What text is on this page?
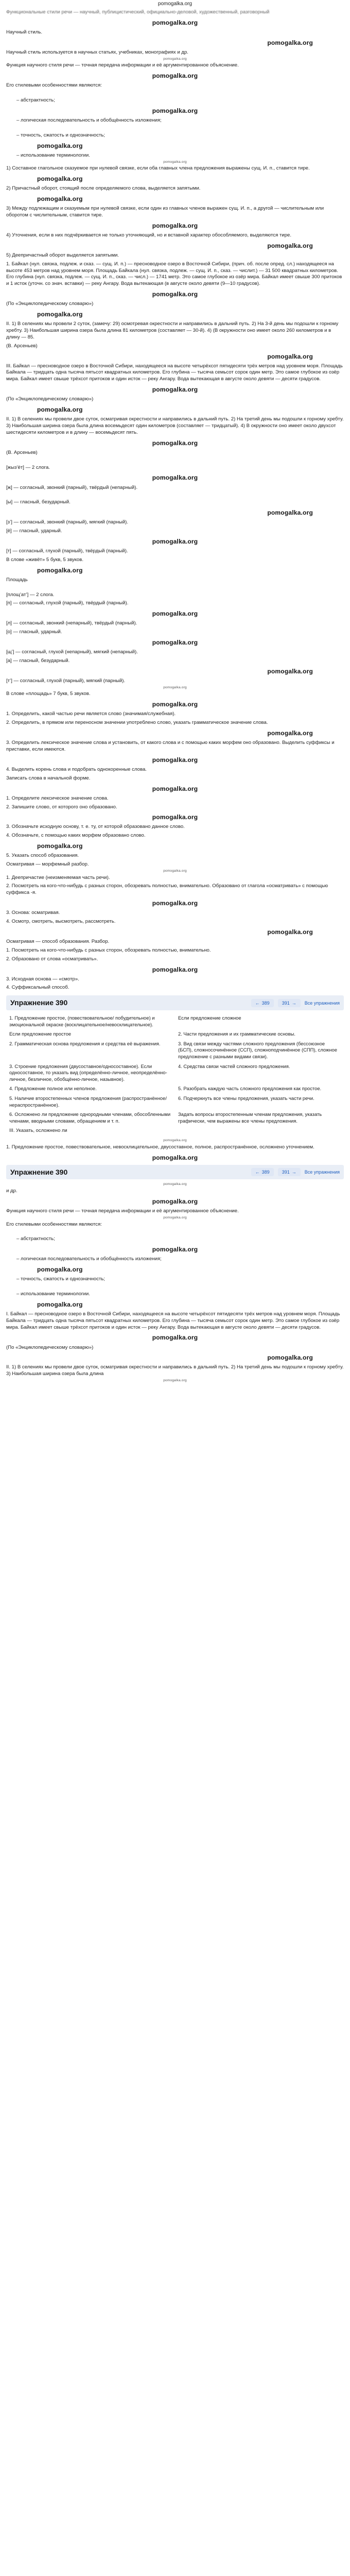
pomogalka.org

Функциональные стили речи — научный, публицистический, официально-деловой, художественный, разговорный

pomogalka.org

Научный стиль.

pomogalka.org

Научный стиль используется в научных статьях, учебниках, монографиях и др.

pomogalka.org

Функция научного стиля речи — точная передача информации и её аргументированное объяснение.

pomogalka.org

Его стилевыми особенностями являются:

– абстрактность;

pomogalka.org

– логическая последовательность и обобщённость изложения;

– точность, сжатость и однозначность;

pomogalka.org

– использование терминологии.

pomogalka.org

1) Составное глагольное сказуемое при нулевой связке, если оба главных члена предложения выражены сущ. И. п., ставится тире.

pomogalka.org

2) Причастный оборот, стоящий после определяемого слова, выделяется запятыми.

pomogalka.org

3) Между подлежащим и сказуемым при нулевой связке, если один из главных членов выражен сущ. И. п., а другой — числительным или оборотом с числительным, ставится тире.

pomogalka.org

4) Уточнения, если в них подчёркивается не только уточняющий, но и вставной характер обособляемого, выделяются тире.

pomogalka.org

5) Деепричастный оборот выделяется запятыми.

1. Байкал (нул. связка, подлеж. и сказ. — сущ. И. п.) — пресноводное озеро в Восточной Сибири, (прич. об. после опред. сл.) находящееся на высоте 453 метров над уровнем моря. Площадь Байкала (нул. связка, подлеж. — сущ. И. п., сказ. — числит.) — 31 500 квадратных километров. Его глубина (нул. связка, подлеж. — сущ. И. п., сказ. — числ.) — 1741 метр. Это самое глубокое из озёр мира. Байкал имеет свыше 300 притоков и 1 исток (уточн. со знач. вставки) — реку Ангару. Вода вытекающая (в августе около девяти (9—10 градусов).

pomogalka.org

(По «Энциклопедическому словарю»)

pomogalka.org

II. 1) В селениях мы провели 2 суток, (замечу: 29) осмотревая окрестности и направились в дальний путь. 2) На 3-й день мы подошли к горному хребту. 3) Наибольшая ширина озера была длина 81 километров (составляет — 30-й). 4) (В окружности оно имеет около 260 километров и в длину — 85.

(В. Арсеньев)

pomogalka.org

III. Байкал — пресноводное озеро в Восточной Сибири, находящееся на высоте четырёхсот пятидесяти трёх метров над уровнем моря. Площадь Байкала — тридцать одна тысяча пятьсот квадратных километров. Его глубина — тысяча семьсот сорок один метр. Это самое глубокое из озёр мира. Байкал имеет свыше трёхсот притоков и один исток — реку Ангару. Вода вытекающая в августе около девяти — десяти градусов.

pomogalka.org

(По «Энциклопедическому словарю»)

pomogalka.org

II. 1) В селениях мы провели двое суток, осматривая окрестности и направились в дальний путь. 2) На третий день мы подошли к горному хребту. 3) Наибольшая ширина озера была длина восемьдесят один километров (составляет — тридцатый). 4) В окружности оно имеет около двухсот шестидесяти километров и в длину — восемьдесят пять.

pomogalka.org

(В. Арсеньев)

[жыз’ёт] — 2 слога.

pomogalka.org

[ж] — согласный, звонкий (парный), твёрдый (непарный).

[ы] — гласный, безударный.

pomogalka.org

[з’] — согласный, звонкий (парный), мягкий (парный).

[ё] — гласный, ударный.

pomogalka.org

[т] — согласный, глухой (парный), твёрдый (парный).

В слове «живёт» 5 букв, 5 звуков.

pomogalka.org

Площадь

[площ’ат’] — 2 слога.

[п] — согласный, глухой (парный), твёрдый (парный).

pomogalka.org

[л] — согласный, звонкий (непарный), твёрдый (парный).

[о] — гласный, ударный.

pomogalka.org

[щ’] — согласный, глухой (непарный), мягкий (непарный).

[а] — гласный, безударный.

pomogalka.org

[т’] — согласный, глухой (парный), мягкий (парный).

pomogalka.org

В слове «площадь» 7 букв, 5 звуков.

pomogalka.org

1. Определить, какой частью речи является слово (значимая/служебная).

2. Определить, в прямом или переносном значении употреблено слово, указать грамматическое значение слова.

pomogalka.org

3. Определить лексическое значение слова и установить, от какого слова и с помощью каких морфем оно образовано. Выделить суффиксы и приставки, если имеются.

pomogalka.org

4. Выделить корень слова и подобрать однокоренные слова.

Записать слова в начальной форме.

pomogalka.org

1. Определите лексическое значение слова.

2. Запишите слово, от которого оно образовано.

pomogalka.org

3. Обозначьте исходную основу, т. е. ту, от которой образовано данное слово.

4. Обозначьте, с помощью каких морфем образовано слово.

pomogalka.org

5. Указать способ образования.

Осматривая — морфемный разбор.

pomogalka.org

1. Деепричастие (неизменяемая часть речи).

2. Посмотреть на кого-что-нибудь с разных сторон, обозревать полностью, внимательно. Образовано от глагола «осматривать» с помощью суффикса -я.

pomogalka.org

3. Основа: осматривая.

4. Осмотр, смотреть, высмотреть, рассмотреть.

pomogalka.org

Осматривая — способ образования. Разбор.

1. Посмотреть на кого-что-нибудь с разных сторон, обозревать полностью, внимательно.

2. Образовано от слова «осматривать».

pomogalka.org

3. Исходная основа — «смотр».

4. Суффиксальный способ.

Упражнение 390	← 389	391 → Все упражнения
1. Предложение простое, (повествовательное/ побудительное) и эмоциональной окраске (восклицательное/невосклицательное).	Если предложение сложное
Если предложение простое	2. Части предложения и их грамматические основы.
2. Грамматическая основа предложения и средства её выражения.	3. Вид связи между частями сложного предложения (бессоюзное (БСП), сложносочинённое (ССП), сложноподчинённое (СПП), сложное предложение с разными видами связи).
3. Строение предложения (двусоставное/односоставное). Если односоставное, то указать вид (определённо-личное, неопределённо-личное, безличное, обобщённо-личное, назывное).	4. Средства связи частей сложного предложения.
4. Предложение полное или неполное.	5. Разобрать каждую часть сложного предложения как простое.
5. Наличие второстепенных членов предложения (распространённое/нераспространённое).	6. Подчеркнуть все члены предложения, указать части речи.
6. Осложнено ли предложение однородными членами, обособленными членами, вводными словами, обращением и т. п.	Задать вопросы второстепенным членам предложения, указать графически, чем выражены все члены предложения.
III. Указать, осложнено ли	
pomogalka.org

1. Предложение простое, повествовательное, невосклицательное, двусоставное, полное, распространённое, осложнено уточнением.

pomogalka.org
Упражнение 390	← 389	391 → Все упражнения
pomogalka.org

и др.

pomogalka.org

Функция научного стиля речи — точная передача информации и её аргументированное объяснение.

pomogalka.org

Его стилевыми особенностями являются:

– абстрактность;

pomogalka.org

– логическая последовательность и обобщённость изложения;

pomogalka.org

– точность, сжатость и однозначность;

– использование терминологии.

pomogalka.org

I. Байкал — пресноводное озеро в Восточной Сибири, находящееся на высоте четырёхсот пятидесяти трёх метров над уровнем моря. Площадь Байкала — тридцать одна тысяча пятьсот квадратных километров. Его глубина — тысяча семьсот сорок один метр. Это самое глубокое из озёр мира. Байкал имеет свыше трёхсот притоков и один исток — реку Ангару. Вода вытекающая в августе около девяти — десяти градусов.

pomogalka.org

(По «Энциклопедическому словарю»)

pomogalka.org

II. 1) В селениях мы провели двое суток, осматривая окрестности и направились в дальний путь. 2) На третий день мы подошли к горному хребту. 3) Наибольшая ширина озера была длина

pomogalka.org
